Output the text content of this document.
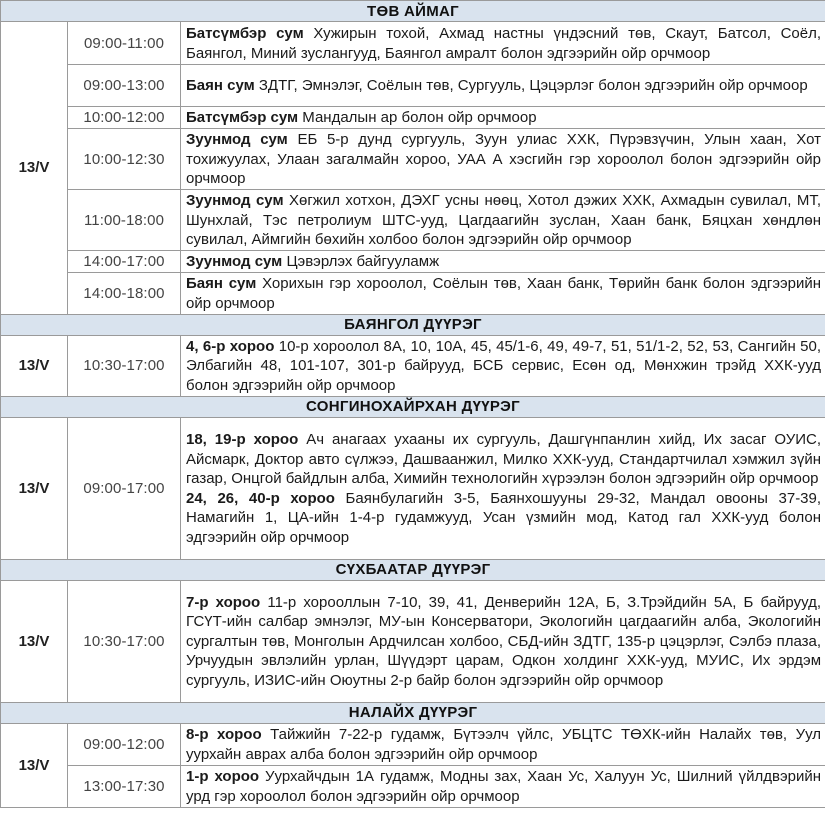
ТӨВ АЙМАГ		
13/V	09:00-11:00	Батсүмбэр сум Хужирын тохой, Ахмад настны үндэсний төв, Скаут, Батсол, Соёл, Баянгол, Миний зуслангууд, Баянгол амралт болон эдгээрийн ойр орчмоор
	09:00-13:00	Баян сум ЗДТГ, Эмнэлэг, Соёлын төв, Сургууль, Цэцэрлэг болон эдгээрийн ойр орчмоор
	10:00-12:00	Батсүмбэр сум Мандалын ар болон ойр орчмоор
	10:00-12:30	Зуунмод сум ЕБ 5-р дунд сургууль, Зуун улиас ХХК, Пүрэвзүчин, Улын хаан, Хот тохижуулах, Улаан загалмайн хороо, УАА А хэсгийн гэр хороолол болон эдгээрийн ойр орчмоор
	11:00-18:00	Зуунмод сум Хөгжил хотхон, ДЭХГ усны нөөц, Хотол дэжих ХХК, Ахмадын сувилал, МТ, Шунхлай, Тэс петролиум ШТС-ууд, Цагдаагийн зуслан, Хаан банк, Бяцхан хөндлөн сувилал, Аймгийн бөхийн холбоо болон эдгээрийн ойр орчмоор
	14:00-17:00	Зуунмод сум Цэвэрлэх байгууламж
	14:00-18:00	Баян сум Хорихын гэр хороолол, Соёлын төв, Хаан банк, Төрийн банк болон эдгээрийн ойр орчмоор
БАЯНГОЛ ДҮҮРЭГ		
13/V	10:30-17:00	4, 6-р хороо 10-р хороолол 8А, 10, 10А, 45, 45/1-6, 49, 49-7, 51, 51/1-2, 52, 53, Сангийн 50, Элбагийн 48, 101-107, 301-р байрууд, БСБ сервис, Есөн од, Мөнхжин трэйд ХХК-ууд болон эдгээрийн ойр орчмоор
СОНГИНОХАЙРХАН ДҮҮРЭГ		
13/V	09:00-17:00	18, 19-р хороо Ач анагаах ухааны их сургууль, Дашгүнпанлин хийд, Их засаг ОУИС, Айсмарк, Доктор авто сүлжээ, Дашваанжил, Милко ХХК-ууд, Стандартчилал хэмжил зүйн газар, Онцгой байдлын алба, Химийн технологийн хүрээлэн болон эдгээрийн ойр орчмоор
24, 26, 40-р хороо Баянбулагийн 3-5, Баянхошууны 29-32, Мандал овооны 37-39, Намагийн 1, ЦА-ийн 1-4-р гудамжууд, Усан үзмийн мод, Катод гал ХХК-ууд болон эдгээрийн ойр орчмоор

СҮХБААТАР ДҮҮРЭГ		
13/V	10:30-17:00	7-р хороо 11-р хорооллын 7-10, 39, 41, Денверийн 12А, Б, З.Трэйдийн 5А, Б байрууд, ГСҮТ-ийн салбар эмнэлэг, МУ-ын Консерватори, Экологийн цагдаагийн алба, Экологийн сургалтын төв, Монголын Ардчилсан холбоо, СБД-ийн ЗДТГ, 135-р цэцэрлэг, Сэлбэ плаза, Урчуудын эвлэлийн урлан, Шүүдэрт царам, Одкон холдинг ХХК-ууд, МУИС, Их эрдэм сургууль, ИЗИС-ийн Оюутны 2-р байр болон эдгээрийн ойр орчмоор
НАЛАЙХ ДҮҮРЭГ		
13/V	09:00-12:00	8-р хороо Тайжийн 7-22-р гудамж, Бүтээлч үйлс, УБЦТС ТӨХК-ийн Налайх төв, Уул уурхайн аврах алба болон эдгээрийн ойр орчмоор
	13:00-17:30	1-р хороо Уурхайчдын 1А гудамж, Модны зах, Хаан Ус, Халуун Ус, Шилний үйлдвэрийн урд гэр хороолол болон эдгээрийн ойр орчмоор
